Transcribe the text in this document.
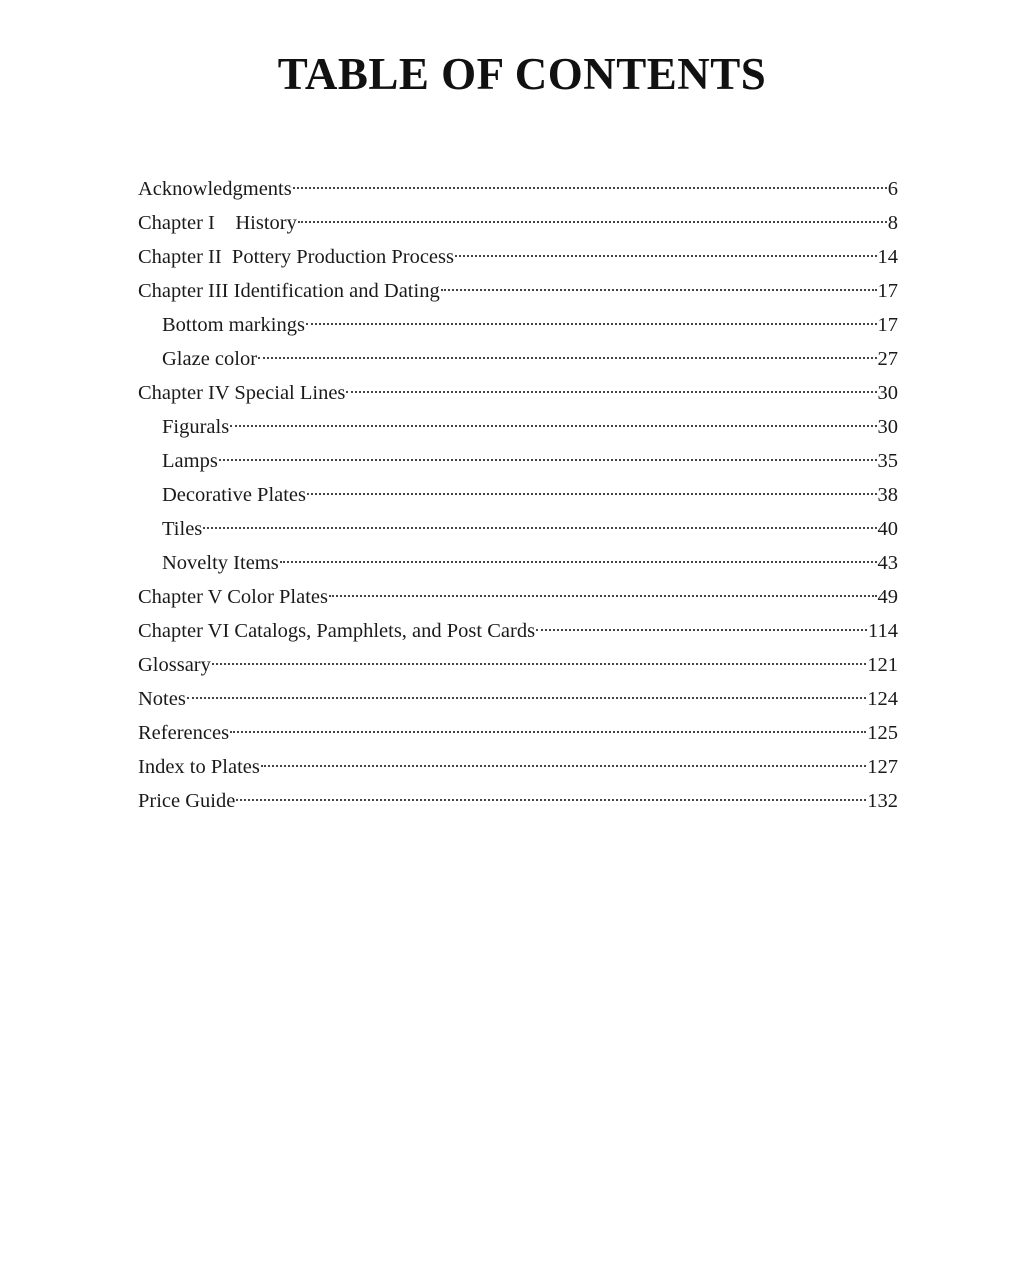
TABLE OF CONTENTS
Acknowledgments	6
Chapter I History	8
Chapter II Pottery Production Process	14
Chapter III Identification and Dating	17
Bottom markings	17
Glaze color	27
Chapter IV Special Lines	30
Figurals	30
Lamps	35
Decorative Plates	38
Tiles	40
Novelty Items	43
Chapter V Color Plates	49
Chapter VI Catalogs, Pamphlets, and Post Cards	114
Glossary	121
Notes	124
References	125
Index to Plates	127
Price Guide	132
